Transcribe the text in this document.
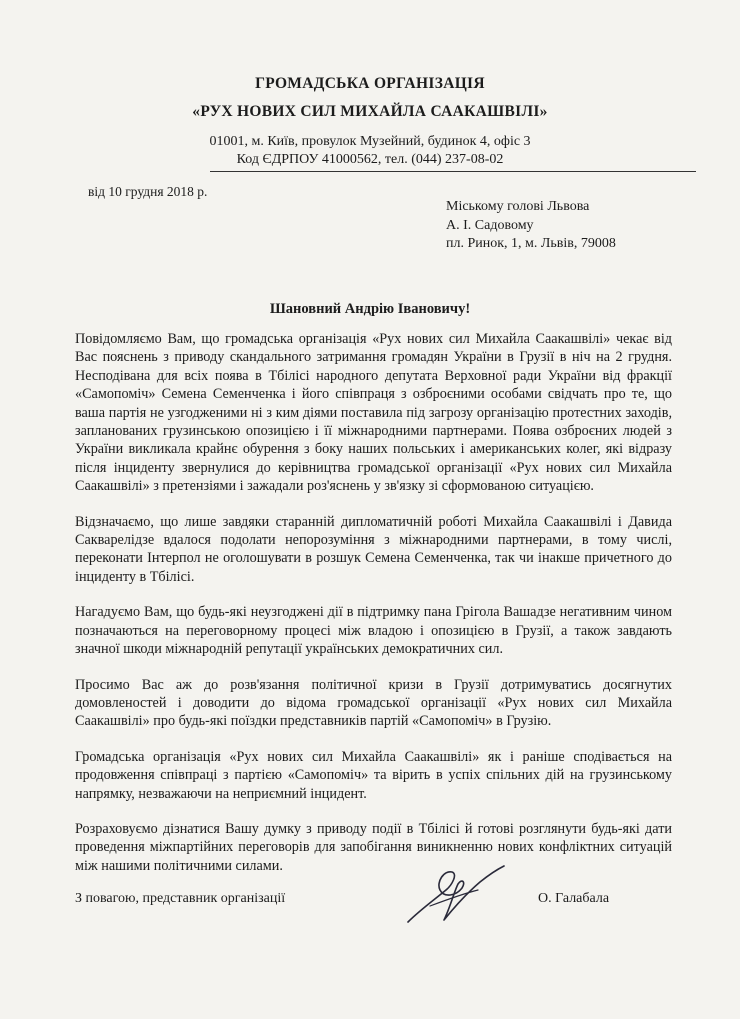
ГРОМАДСЬКА ОРГАНІЗАЦІЯ
«РУХ НОВИХ СИЛ МИХАЙЛА СААКАШВІЛІ»
01001, м. Київ, провулок Музейний, будинок 4, офіс 3
Код ЄДРПОУ 41000562, тел. (044) 237-08-02
від 10 грудня 2018 р.
Міському голові Львова
А. І. Садовому
пл. Ринок, 1, м. Львів, 79008
Шановний Андрію Івановичу!

Повідомляємо Вам, що громадська організація «Рух нових сил Михайла Саакашвілі» чекає від Вас пояснень з приводу скандального затримання громадян України в Грузії в ніч на 2 грудня. Несподівана для всіх поява в Тбілісі народного депутата Верховної ради України від фракції «Самопоміч» Семена Семенченка і його співпраця з озброєними особами свідчать про те, що ваша партія не узгодженими ні з ким діями поставила під загрозу організацію протестних заходів, запланованих грузинською опозицією і її міжнародними партнерами. Поява озброєних людей з України викликала крайнє обурення з боку наших польських і американських колег, які відразу після інциденту звернулися до керівництва громадської організації «Рух нових сил Михайла Саакашвілі» з претензіями і зажадали роз'яснень у зв'язку зі сформованою ситуацією.

Відзначаємо, що лише завдяки старанній дипломатичній роботі Михайла Саакашвілі і Давида Сакварелідзе вдалося подолати непорозуміння з міжнародними партнерами, в тому числі, переконати Інтерпол не оголошувати в розшук Семена Семенченка, так чи інакше причетного до інциденту в Тбілісі.

Нагадуємо Вам, що будь-які неузгоджені дії в підтримку пана Грігола Вашадзе негативним чином позначаються на переговорному процесі між владою і опозицією в Грузії, а також завдають значної шкоди міжнародній репутації українських демократичних сил.

Просимо Вас аж до розв'язання політичної кризи в Грузії дотримуватись досягнутих домовленостей і доводити до відома громадської організації «Рух нових сил Михайла Саакашвілі» про будь-які поїздки представників партій «Самопоміч» в Грузію.

Громадська організація «Рух нових сил Михайла Саакашвілі» як і раніше сподівається на продовження співпраці з партією «Самопоміч» та вірить в успіх спільних дій на грузинському напрямку, незважаючи на неприємний інцидент.

Розраховуємо дізнатися Вашу думку з приводу події в Тбілісі й готові розглянути будь-які дати проведення міжпартійних переговорів для запобігання виникненню нових конфліктних ситуацій між нашими політичними силами.

З повагою, представник організації	О. Галабала
